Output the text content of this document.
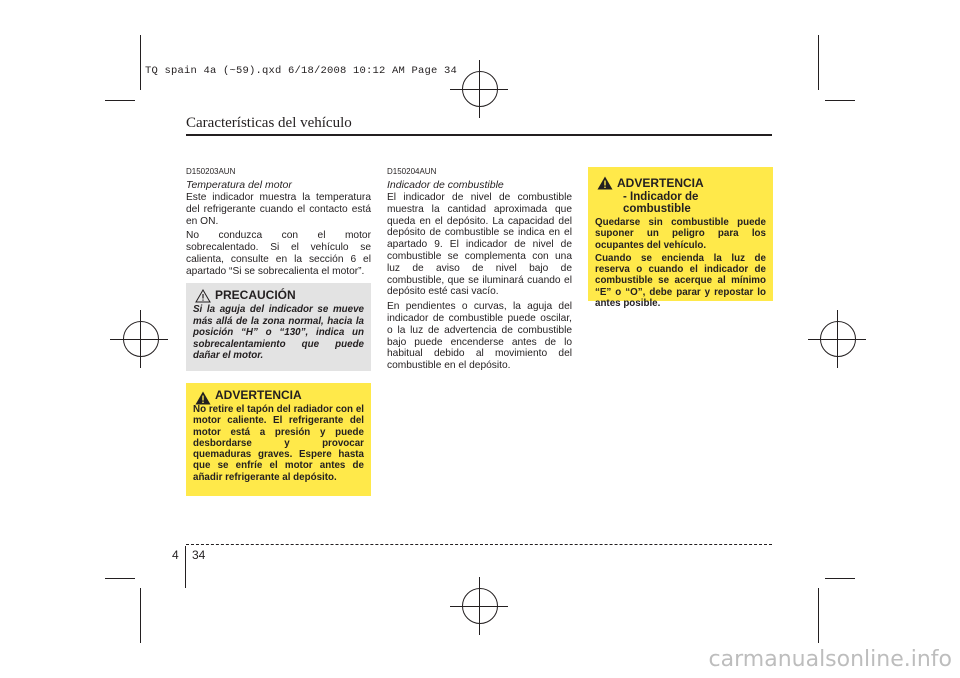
TQ spain 4a (~59).qxd 6/18/2008 10:12 AM Page 34
Características del vehículo
D150203AUN
Temperatura del motor

Este indicador muestra la temperatura del refrigerante cuando el contacto está en ON.

No conduzca con el motor sobrecalentado. Si el vehículo se calienta, consulte en la sección 6 el apartado “Si se sobrecalienta el motor”.

PRECAUCIÓN
Si la aguja del indicador se mueve más allá de la zona normal, hacia la posición “H” o “130”, indica un sobrecalentamiento que puede dañar el motor.
ADVERTENCIA
No retire el tapón del radiador con el motor caliente. El refrigerante del motor está a presión y puede desbordarse y provocar quemaduras graves. Espere hasta que se enfríe el motor antes de añadir refrigerante al depósito.
D150204AUN
Indicador de combustible

El indicador de nivel de combustible muestra la cantidad aproximada que queda en el depósito. La capacidad del depósito de combustible se indica en el apartado 9. El indicador de nivel de combustible se complementa con una luz de aviso de nivel bajo de combustible, que se iluminará cuando el depósito esté casi vacío.

En pendientes o curvas, la aguja del indicador de combustible puede oscilar, o la luz de advertencia de combustible bajo puede encenderse antes de lo habitual debido al movimiento del combustible en el depósito.

ADVERTENCIA
- Indicador de combustible

Quedarse sin combustible puede suponer un peligro para los ocupantes del vehículo.

Cuando se encienda la luz de reserva o cuando el indicador de combustible se acerque al mínimo “E” o “O”, debe parar y repostar lo antes posible.

4 34
carmanualsonline.info
